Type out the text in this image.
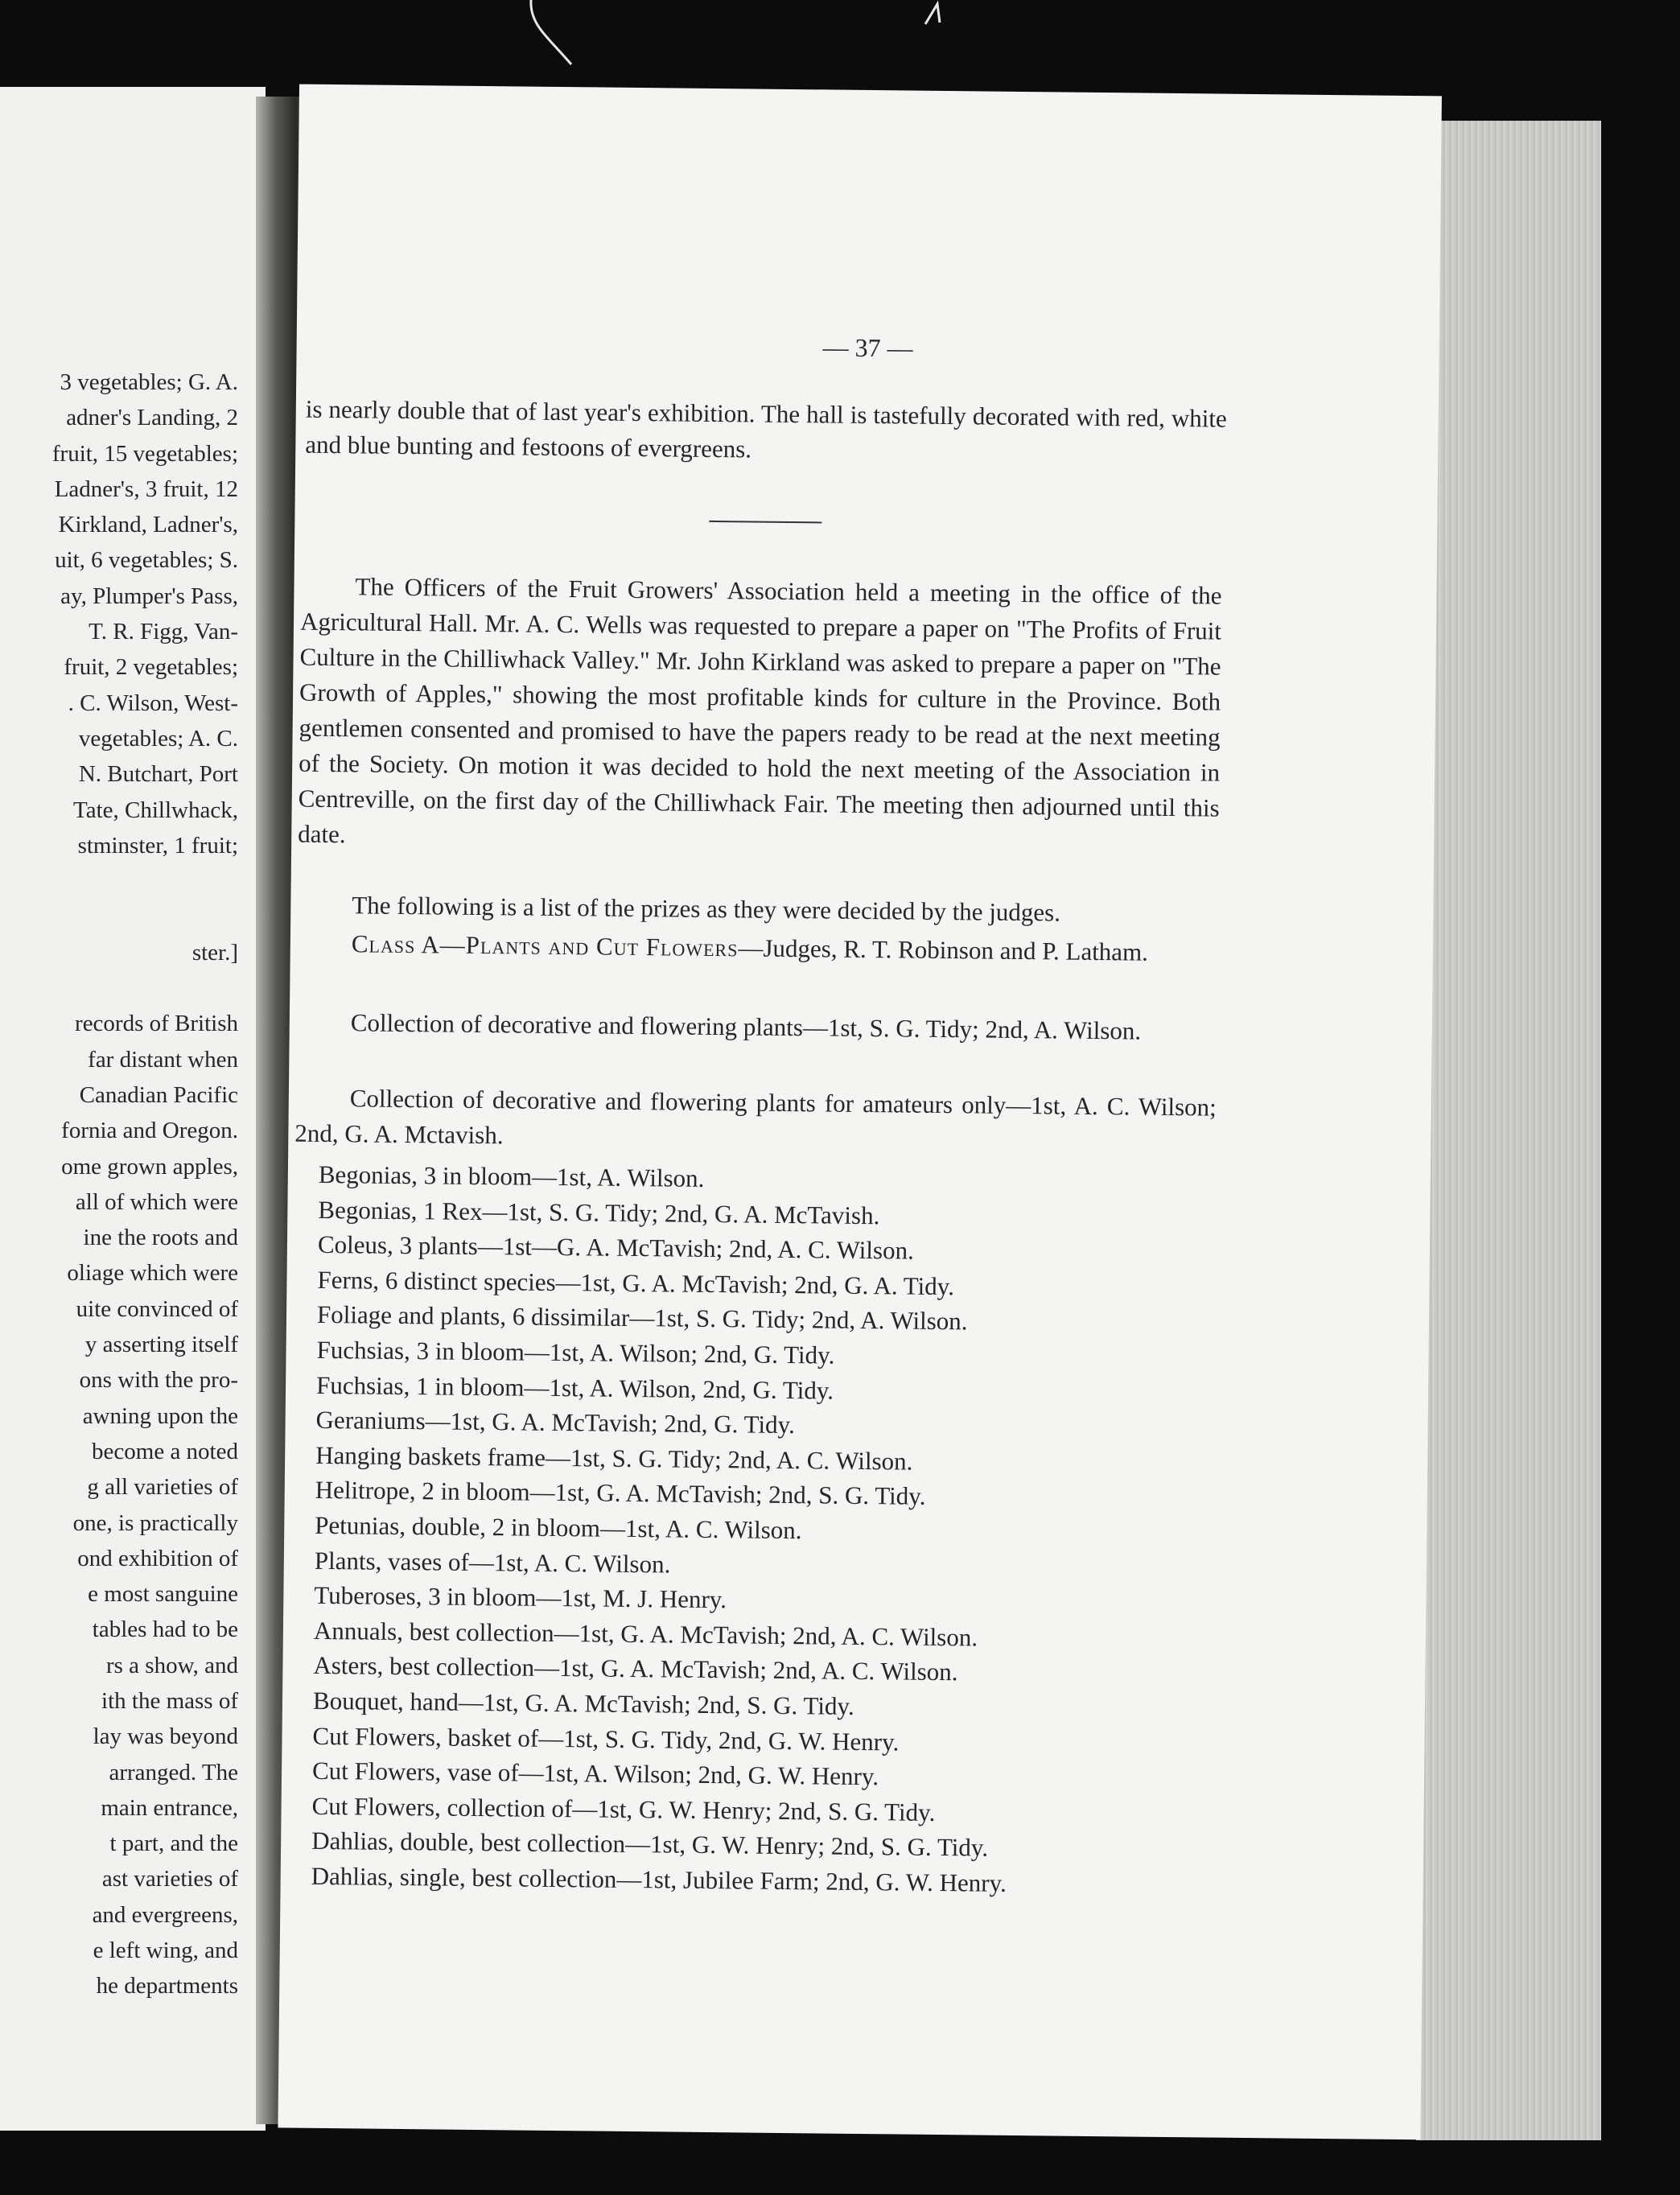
3 vegetables; G. A.
adner's Landing, 2
fruit, 15 vegetables;
Ladner's, 3 fruit, 12
Kirkland, Ladner's,
uit, 6 vegetables; S.
ay, Plumper's Pass,
T. R. Figg, Van-
fruit, 2 vegetables;
. C. Wilson, West-
vegetables; A. C.
N. Butchart, Port
Tate, Chillwhack,
stminster, 1 fruit;
ster.]
records of British
far distant when
Canadian Pacific
fornia and Oregon.
ome grown apples,
all of which were
ine the roots and
oliage which were
uite convinced of
y asserting itself
ons with the pro-
awning upon the
become a noted
g all varieties of
one, is practically
ond exhibition of
e most sanguine
tables had to be
rs a show, and
ith the mass of
lay was beyond
arranged. The
main entrance,
t part, and the
ast varieties of
and evergreens,
e left wing, and
he departments
— 37 —
is nearly double that of last year's exhibition. The hall is tastefully decorated with red, white and blue bunting and festoons of evergreens.
The Officers of the Fruit Growers' Association held a meeting in the office of the Agricultural Hall. Mr. A. C. Wells was requested to prepare a paper on "The Profits of Fruit Culture in the Chilliwhack Valley." Mr. John Kirkland was asked to prepare a paper on "The Growth of Apples," showing the most profitable kinds for culture in the Province. Both gentlemen consented and promised to have the papers ready to be read at the next meeting of the Society. On motion it was decided to hold the next meeting of the Association in Centreville, on the first day of the Chilliwhack Fair. The meeting then adjourned until this date.
The following is a list of the prizes as they were decided by the judges.
Class A—Plants and Cut Flowers—Judges, R. T. Robinson and P. Latham.
Collection of decorative and flowering plants—1st, S. G. Tidy; 2nd, A. Wilson.
Collection of decorative and flowering plants for amateurs only—1st, A. C. Wilson; 2nd, G. A. Mctavish.
Begonias, 3 in bloom—1st, A. Wilson.
Begonias, 1 Rex—1st, S. G. Tidy; 2nd, G. A. McTavish.
Coleus, 3 plants—1st—G. A. McTavish; 2nd, A. C. Wilson.
Ferns, 6 distinct species—1st, G. A. McTavish; 2nd, G. A. Tidy.
Foliage and plants, 6 dissimilar—1st, S. G. Tidy; 2nd, A. Wilson.
Fuchsias, 3 in bloom—1st, A. Wilson; 2nd, G. Tidy.
Fuchsias, 1 in bloom—1st, A. Wilson, 2nd, G. Tidy.
Geraniums—1st, G. A. McTavish; 2nd, G. Tidy.
Hanging baskets frame—1st, S. G. Tidy; 2nd, A. C. Wilson.
Helitrope, 2 in bloom—1st, G. A. McTavish; 2nd, S. G. Tidy.
Petunias, double, 2 in bloom—1st, A. C. Wilson.
Plants, vases of—1st, A. C. Wilson.
Tuberoses, 3 in bloom—1st, M. J. Henry.
Annuals, best collection—1st, G. A. McTavish; 2nd, A. C. Wilson.
Asters, best collection—1st, G. A. McTavish; 2nd, A. C. Wilson.
Bouquet, hand—1st, G. A. McTavish; 2nd, S. G. Tidy.
Cut Flowers, basket of—1st, S. G. Tidy, 2nd, G. W. Henry.
Cut Flowers, vase of—1st, A. Wilson; 2nd, G. W. Henry.
Cut Flowers, collection of—1st, G. W. Henry; 2nd, S. G. Tidy.
Dahlias, double, best collection—1st, G. W. Henry; 2nd, S. G. Tidy.
Dahlias, single, best collection—1st, Jubilee Farm; 2nd, G. W. Henry.
